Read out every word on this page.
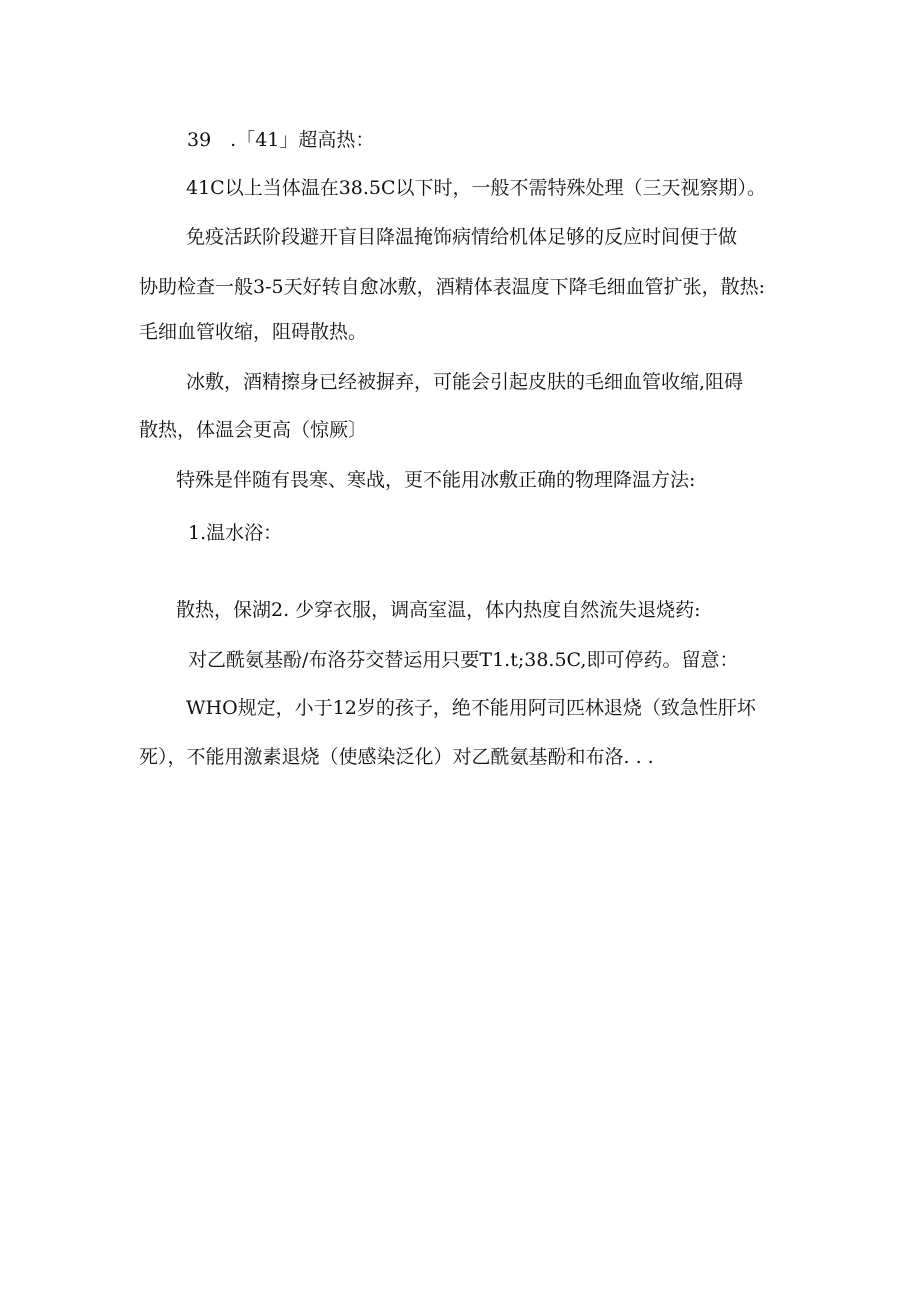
39　.「41」超高热：
41C以上当体温在38.5C以下时，一般不需特殊处理（三天视察期）。
免疫活跃阶段避开盲目降温掩饰病情给机体足够的反应时间便于做
协助检查一般3-5天好转自愈冰敷，酒精体表温度下降毛细血管扩张，散热:
毛细血管收缩，阻碍散热。
冰敷，酒精擦身已经被摒弃，可能会引起皮肤的毛细血管收缩,阻碍
散热，体温会更高（惊厥〕
特殊是伴随有畏寒、寒战，更不能用冰敷正确的物理降温方法:
1.温水浴：
散热，保湖2. 少穿衣服，调高室温，体内热度自然流失退烧药:
对乙酰氨基酚/布洛芬交替运用只要T1.t;38.5C,即可停药。留意：
WHO规定，小于12岁的孩子，绝不能用阿司匹林退烧（致急性肝坏
死），不能用激素退烧（使感染泛化）对乙酰氨基酚和布洛. . .
